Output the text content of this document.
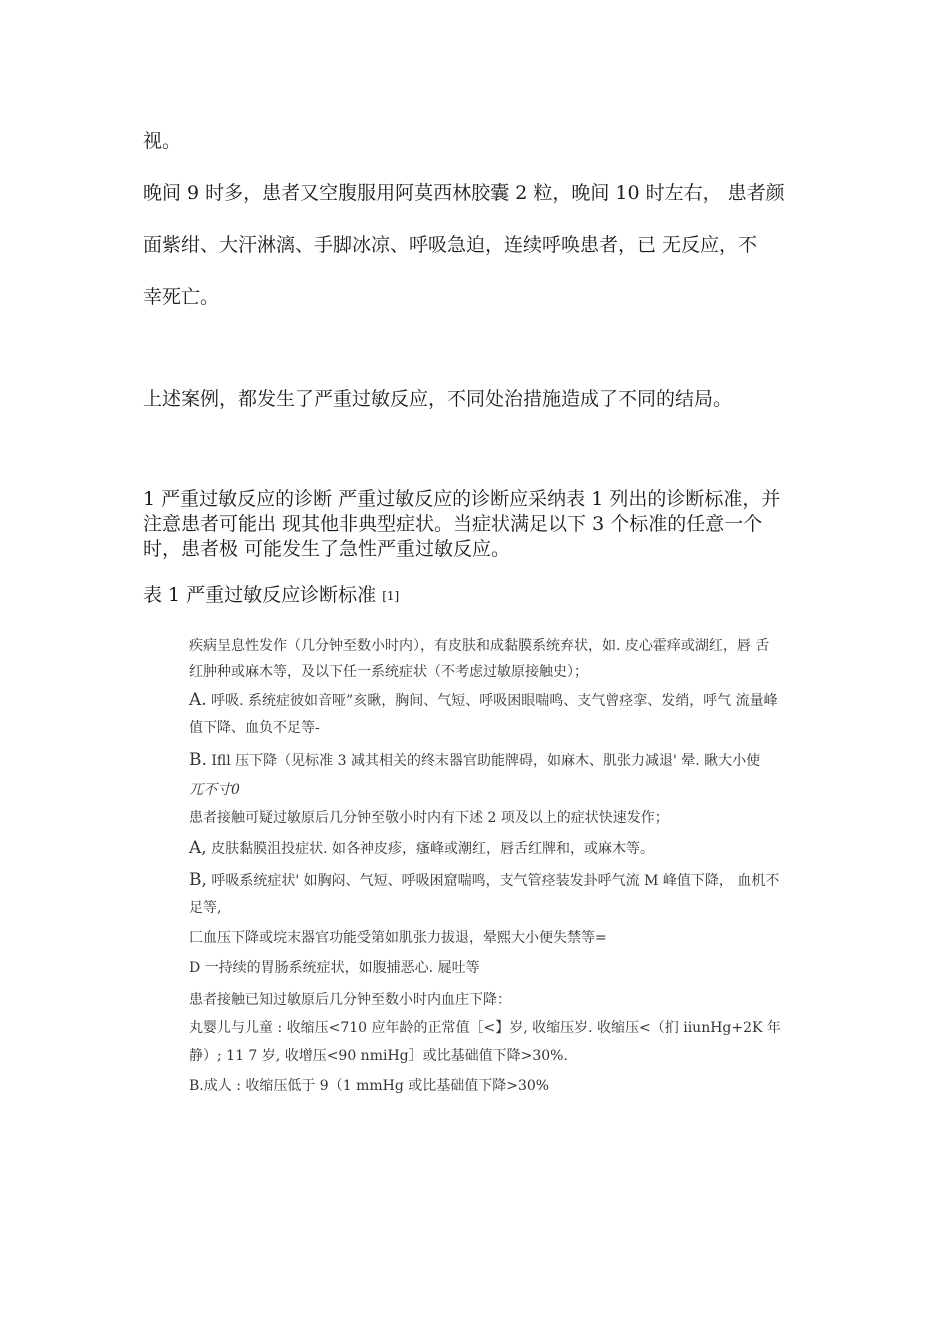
视。

晚间 9 时多，患者又空腹服用阿莫西林胶囊 2 粒，晚间 10 时左右， 患者颜

面紫绀、大汗淋漓、手脚冰凉、呼吸急迫，连续呼唤患者，已 无反应，不

幸死亡。

上述案例，都发生了严重过敏反应，不同处治措施造成了不同的结局。

1 严重过敏反应的诊断 严重过敏反应的诊断应采纳表 1 列出的诊断标准，并

注意患者可能出 现其他非典型症状。当症状满足以下 3 个标准的任意一个

时，患者极 可能发生了急性严重过敏反应。

表 1 严重过敏反应诊断标准 [1]

疾病呈息性发作（几分钟至数小时内），有皮肤和成黏膜系统弃状，如. 皮心霍痒或湖红，唇 舌
红肿种或麻木等，及以下任一系统症状（不考虑过敏原接触史）；
A. 呼吸. 系统症彼如音哑”亥瞅，胸间、气短、呼吸困眼喘鸣、支气曾痉挛、发绡，呼气 流量峰
值下降、血负不足等-
B. Ifll 压下降（见标准 3 减其相关的终末器官助能牌碍，如麻木、肌张力减退' 晕. 瞅大小使
兀不寸0
患者接触可疑过敏原后几分钟至敬小时内有下述 2 项及以上的症状快速发作；
A, 皮肤黏膜沮投症状. 如各神皮疹，瘙峰或潮红，唇舌红牌和，或麻木等。
B, 呼吸系统症状' 如胸闷、气短、呼吸困窟喘鸣，支气管痉装发卦呼气流 M 峰值下降， 血机不
足等,
匚血压下降或垸末器官功能受第如肌张力拔退，晕熙大小便失禁等=
D 一持续的胃肠系统症状，如腹捕恶心. 屣吐等
患者接触已知过敏原后几分钟至数小时内血庄下降：
丸婴儿与儿童 : 收缩压<710 应年龄的正常值［<】岁, 收缩压岁. 收缩压<（扪 iiunHg+2K 年
静）; 11 7 岁, 收增压<90 nmiHg］或比基础值下降>30%.
B.成人 : 收缩压低于 9（1 mmHg 或比基础值下降>30%
